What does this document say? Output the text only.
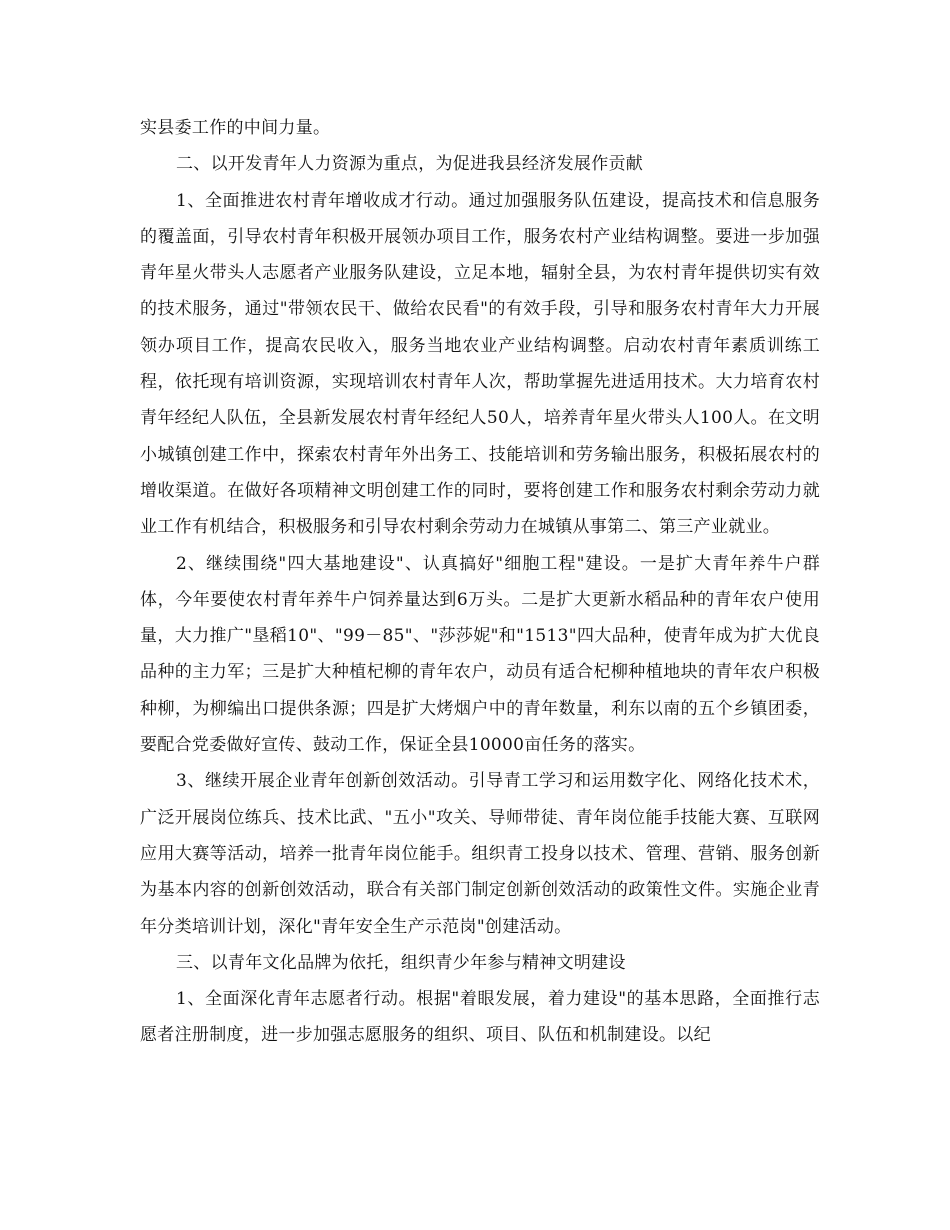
实县委工作的中间力量。

二、以开发青年人力资源为重点，为促进我县经济发展作贡献

1、全面推进农村青年增收成才行动。通过加强服务队伍建设，提高技术和信息服务的覆盖面，引导农村青年积极开展领办项目工作，服务农村产业结构调整。要进一步加强青年星火带头人志愿者产业服务队建设，立足本地，辐射全县，为农村青年提供切实有效的技术服务，通过"带领农民干、做给农民看"的有效手段，引导和服务农村青年大力开展领办项目工作，提高农民收入，服务当地农业产业结构调整。启动农村青年素质训练工程，依托现有培训资源，实现培训农村青年人次，帮助掌握先进适用技术。大力培育农村青年经纪人队伍，全县新发展农村青年经纪人50人，培养青年星火带头人100人。在文明小城镇创建工作中，探索农村青年外出务工、技能培训和劳务输出服务，积极拓展农村的增收渠道。在做好各项精神文明创建工作的同时，要将创建工作和服务农村剩余劳动力就业工作有机结合，积极服务和引导农村剩余劳动力在城镇从事第二、第三产业就业。

2、继续围绕"四大基地建设"、认真搞好"细胞工程"建设。一是扩大青年养牛户群体，今年要使农村青年养牛户饲养量达到6万头。二是扩大更新水稻品种的青年农户使用量，大力推广"垦稻10"、"99－85"、"莎莎妮"和"1513"四大品种，使青年成为扩大优良品种的主力军；三是扩大种植杞柳的青年农户，动员有适合杞柳种植地块的青年农户积极种柳，为柳编出口提供条源；四是扩大烤烟户中的青年数量，利东以南的五个乡镇团委，要配合党委做好宣传、鼓动工作，保证全县10000亩任务的落实。

3、继续开展企业青年创新创效活动。引导青工学习和运用数字化、网络化技术术，广泛开展岗位练兵、技术比武、"五小"攻关、导师带徒、青年岗位能手技能大赛、互联网应用大赛等活动，培养一批青年岗位能手。组织青工投身以技术、管理、营销、服务创新为基本内容的创新创效活动，联合有关部门制定创新创效活动的政策性文件。实施企业青年分类培训计划，深化"青年安全生产示范岗"创建活动。

三、以青年文化品牌为依托，组织青少年参与精神文明建设

1、全面深化青年志愿者行动。根据"着眼发展，着力建设"的基本思路，全面推行志愿者注册制度，进一步加强志愿服务的组织、项目、队伍和机制建设。以纪
